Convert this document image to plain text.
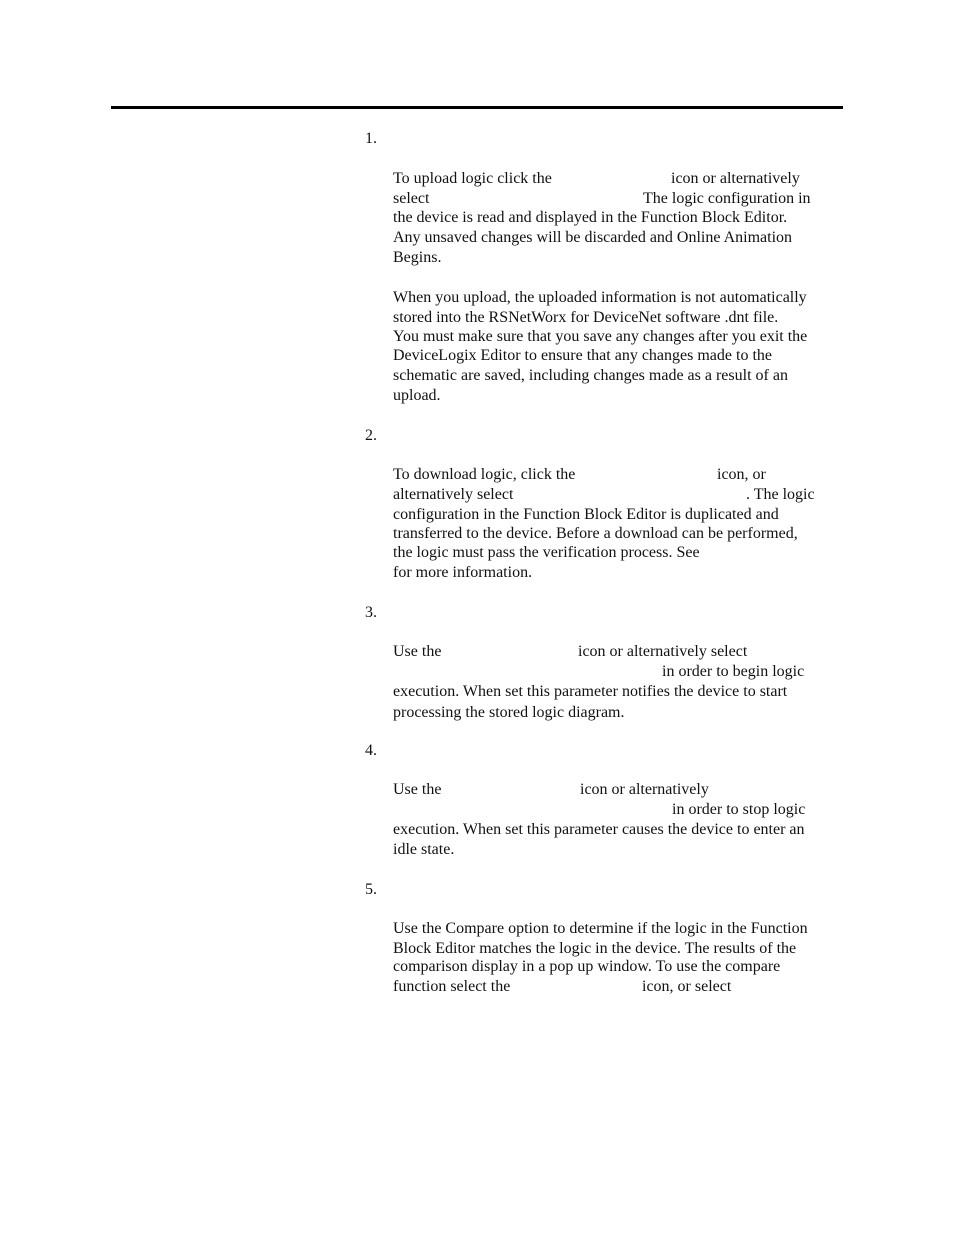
1.
To upload logic click the	icon or alternatively
select	The logic configuration in
the device is read and displayed in the Function Block Editor.
Any unsaved changes will be discarded and Online Animation
Begins.
When you upload, the uploaded information is not automatically
stored into the RSNetWorx for DeviceNet software .dnt file.
You must make sure that you save any changes after you exit the
DeviceLogix Editor to ensure that any changes made to the
schematic are saved, including changes made as a result of an
upload.
2.
To download logic, click the	icon, or
alternatively select	. The logic
configuration in the Function Block Editor is duplicated and
transferred to the device. Before a download can be performed,
the logic must pass the verification process. See
for more information.
3.
Use the	icon or alternatively select
in order to begin logic
execution. When set this parameter notifies the device to start
processing the stored logic diagram.
4.
Use the	icon or alternatively
in order to stop logic
execution. When set this parameter causes the device to enter an
idle state.
5.
Use the Compare option to determine if the logic in the Function
Block Editor matches the logic in the device. The results of the
comparison display in a pop up window. To use the compare
function select the	icon, or select
